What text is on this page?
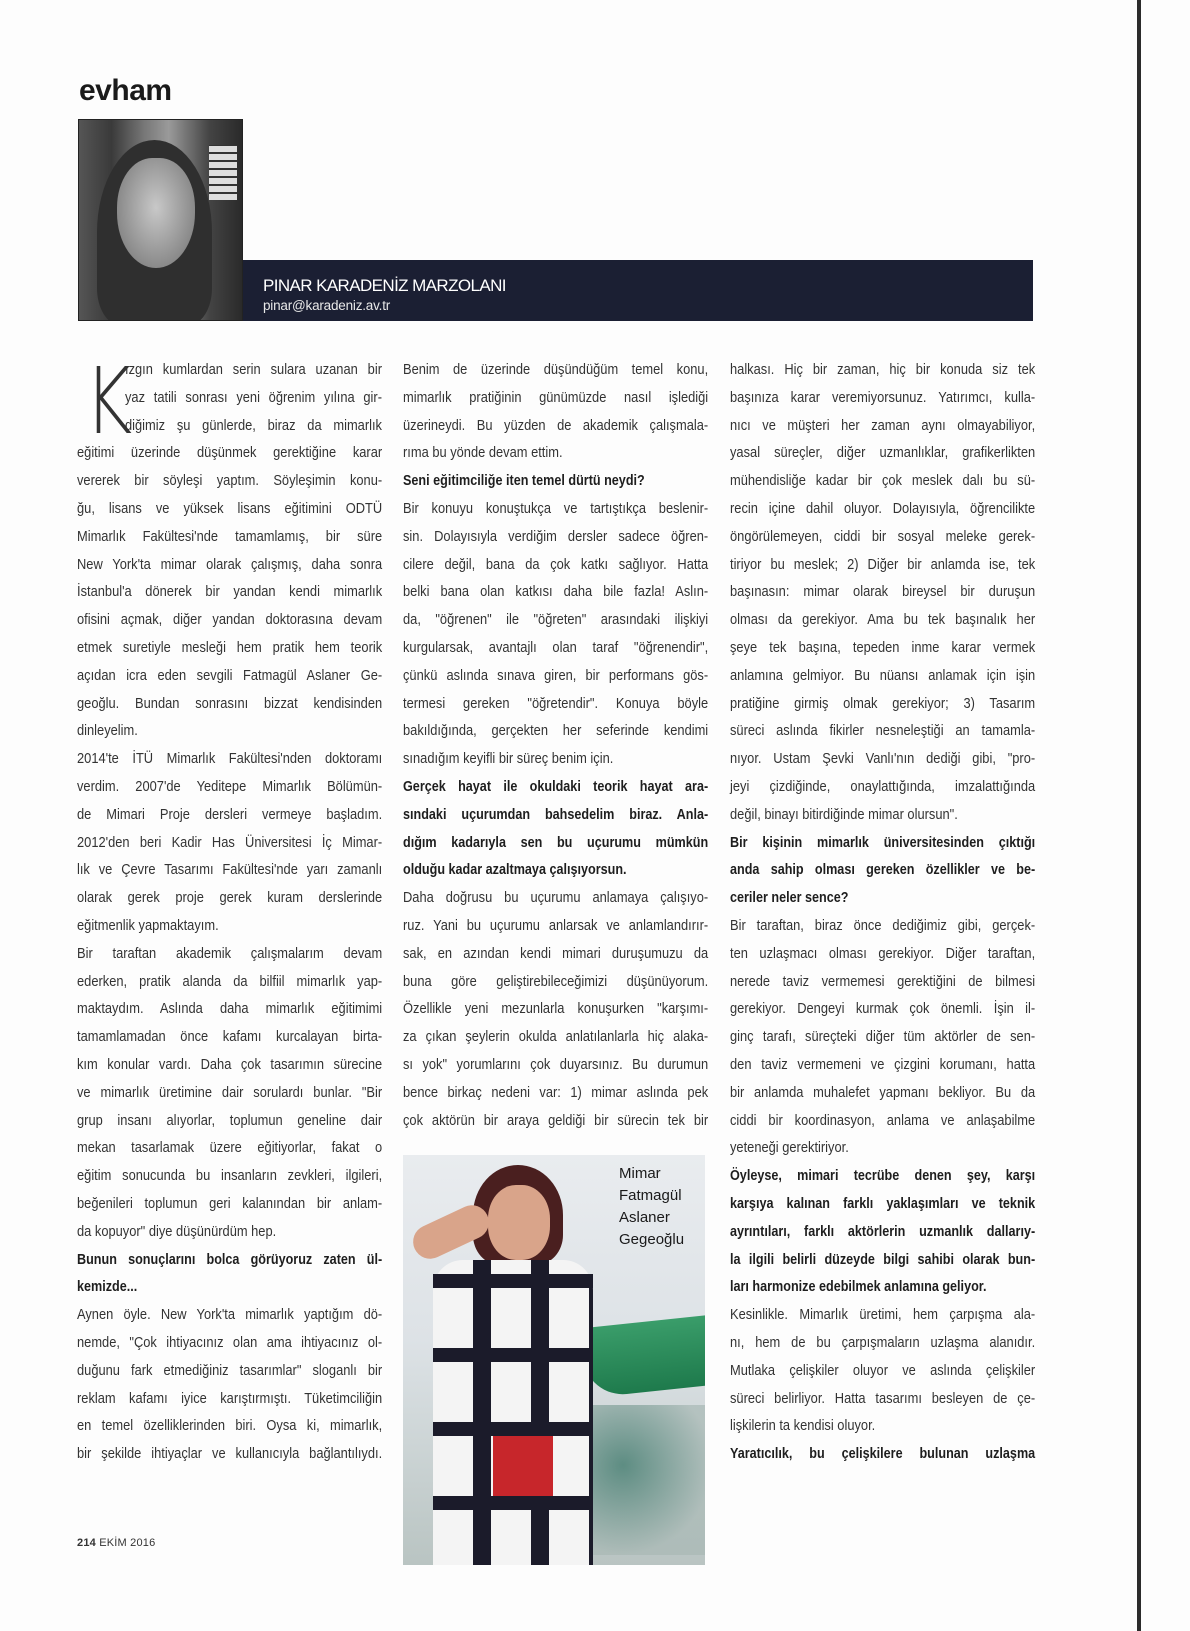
evham
PINAR KARADENİZ MARZOLANI
pinar@karadeniz.av.tr
K
ızgın kumlardan serin sulara uzanan bir
yaz tatili sonrası yeni öğrenim yılına gir-
diğimiz şu günlerde, biraz da mimarlık
eğitimi üzerinde düşünmek gerektiğine karar
vererek bir söyleşi yaptım. Söyleşimin konu-
ğu, lisans ve yüksek lisans eğitimini ODTÜ
Mimarlık Fakültesi'nde tamamlamış, bir süre
New York'ta mimar olarak çalışmış, daha sonra
İstanbul'a dönerek bir yandan kendi mimarlık
ofisini açmak, diğer yandan doktorasına devam
etmek suretiyle mesleği hem pratik hem teorik
açıdan icra eden sevgili Fatmagül Aslaner Ge-
geoğlu. Bundan sonrasını bizzat kendisinden
dinleyelim.
2014'te İTÜ Mimarlık Fakültesi'nden doktoramı
verdim. 2007'de Yeditepe Mimarlık Bölümün-
de Mimari Proje dersleri vermeye başladım.
2012'den beri Kadir Has Üniversitesi İç Mimar-
lık ve Çevre Tasarımı Fakültesi'nde yarı zamanlı
olarak gerek proje gerek kuram derslerinde
eğitmenlik yapmaktayım.
Bir taraftan akademik çalışmalarım devam
ederken, pratik alanda da bilfiil mimarlık yap-
maktaydım. Aslında daha mimarlık eğitimimi
tamamlamadan önce kafamı kurcalayan birta-
kım konular vardı. Daha çok tasarımın sürecine
ve mimarlık üretimine dair sorulardı bunlar. "Bir
grup insanı alıyorlar, toplumun geneline dair
mekan tasarlamak üzere eğitiyorlar, fakat o
eğitim sonucunda bu insanların zevkleri, ilgileri,
beğenileri toplumun geri kalanından bir anlam-
da kopuyor" diye düşünürdüm hep.
Bunun sonuçlarını bolca görüyoruz zaten ül-
kemizde...
Aynen öyle. New York'ta mimarlık yaptığım dö-
nemde, "Çok ihtiyacınız olan ama ihtiyacınız ol-
duğunu fark etmediğiniz tasarımlar" sloganlı bir
reklam kafamı iyice karıştırmıştı. Tüketimciliğin
en temel özelliklerinden biri. Oysa ki, mimarlık,
bir şekilde ihtiyaçlar ve kullanıcıyla bağlantılıydı.
Benim de üzerinde düşündüğüm temel konu,
mimarlık pratiğinin günümüzde nasıl işlediği
üzerineydi. Bu yüzden de akademik çalışmala-
rıma bu yönde devam ettim.
Seni eğitimciliğe iten temel dürtü neydi?
Bir konuyu konuştukça ve tartıştıkça beslenir-
sin. Dolayısıyla verdiğim dersler sadece öğren-
cilere değil, bana da çok katkı sağlıyor. Hatta
belki bana olan katkısı daha bile fazla! Aslın-
da, "öğrenen" ile "öğreten" arasındaki ilişkiyi
kurgularsak, avantajlı olan taraf "öğrenendir",
çünkü aslında sınava giren, bir performans gös-
termesi gereken "öğretendir". Konuya böyle
bakıldığında, gerçekten her seferinde kendimi
sınadığım keyifli bir süreç benim için.
Gerçek hayat ile okuldaki teorik hayat ara-
sındaki uçurumdan bahsedelim biraz. Anla-
dığım kadarıyla sen bu uçurumu mümkün
olduğu kadar azaltmaya çalışıyorsun.
Daha doğrusu bu uçurumu anlamaya çalışıyo-
ruz. Yani bu uçurumu anlarsak ve anlamlandırır-
sak, en azından kendi mimari duruşumuzu da
buna göre geliştirebileceğimizi düşünüyorum.
Özellikle yeni mezunlarla konuşurken "karşımı-
za çıkan şeylerin okulda anlatılanlarla hiç alaka-
sı yok" yorumlarını çok duyarsınız. Bu durumun
bence birkaç nedeni var: 1) mimar aslında pek
çok aktörün bir araya geldiği bir sürecin tek bir
halkası. Hiç bir zaman, hiç bir konuda siz tek
başınıza karar veremiyorsunuz. Yatırımcı, kulla-
nıcı ve müşteri her zaman aynı olmayabiliyor,
yasal süreçler, diğer uzmanlıklar, grafikerlikten
mühendisliğe kadar bir çok meslek dalı bu sü-
recin içine dahil oluyor. Dolayısıyla, öğrencilikte
öngörülemeyen, ciddi bir sosyal meleke gerek-
tiriyor bu meslek; 2) Diğer bir anlamda ise, tek
başınasın: mimar olarak bireysel bir duruşun
olması da gerekiyor. Ama bu tek başınalık her
şeye tek başına, tepeden inme karar vermek
anlamına gelmiyor. Bu nüansı anlamak için işin
pratiğine girmiş olmak gerekiyor; 3) Tasarım
süreci aslında fikirler nesneleştiği an tamamla-
nıyor. Ustam Şevki Vanlı'nın dediği gibi, "pro-
jeyi çizdiğinde, onaylattığında, imzalattığında
değil, binayı bitirdiğinde mimar olursun".
Bir kişinin mimarlık üniversitesinden çıktığı
anda sahip olması gereken özellikler ve be-
ceriler neler sence?
Bir taraftan, biraz önce dediğimiz gibi, gerçek-
ten uzlaşmacı olması gerekiyor. Diğer taraftan,
nerede taviz vermemesi gerektiğini de bilmesi
gerekiyor. Dengeyi kurmak çok önemli. İşin il-
ginç tarafı, süreçteki diğer tüm aktörler de sen-
den taviz vermemeni ve çizgini korumanı, hatta
bir anlamda muhalefet yapmanı bekliyor. Bu da
ciddi bir koordinasyon, anlama ve anlaşabilme
yeteneği gerektiriyor.
Öyleyse, mimari tecrübe denen şey, karşı
karşıya kalınan farklı yaklaşımları ve teknik
ayrıntıları, farklı aktörlerin uzmanlık dallarıy-
la ilgili belirli düzeyde bilgi sahibi olarak bun-
ları harmonize edebilmek anlamına geliyor.
Kesinlikle. Mimarlık üretimi, hem çarpışma ala-
nı, hem de bu çarpışmaların uzlaşma alanıdır.
Mutlaka çelişkiler oluyor ve aslında çelişkiler
süreci belirliyor. Hatta tasarımı besleyen de çe-
lişkilerin ta kendisi oluyor.
Yaratıcılık, bu çelişkilere bulunan uzlaşma
Mimar
Fatmagül
Aslaner
Gegeoğlu
214 EKİM 2016
